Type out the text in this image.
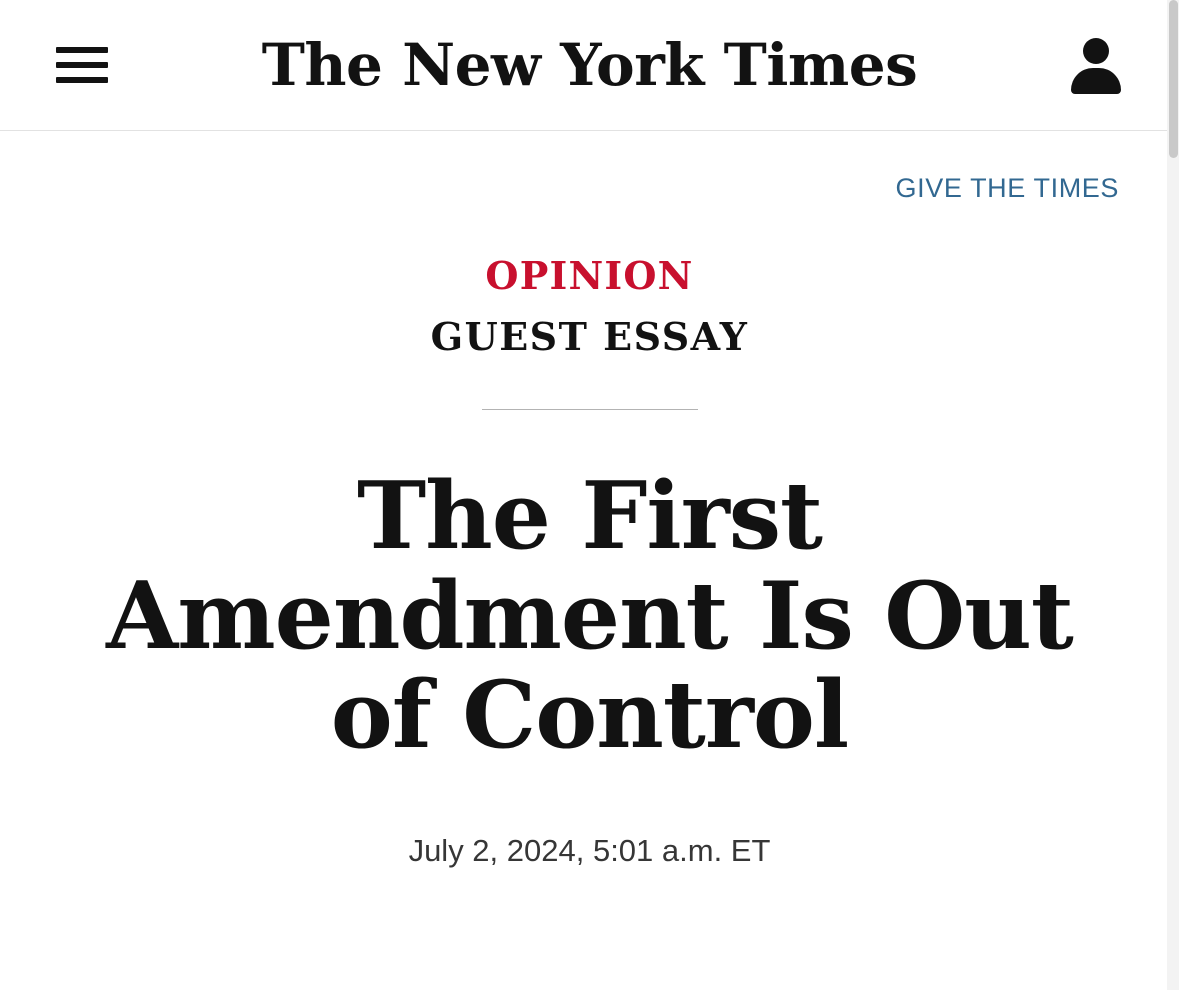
The New York Times
GIVE THE TIMES
OPINION
GUEST ESSAY
The First Amendment Is Out of Control
July 2, 2024, 5:01 a.m. ET
